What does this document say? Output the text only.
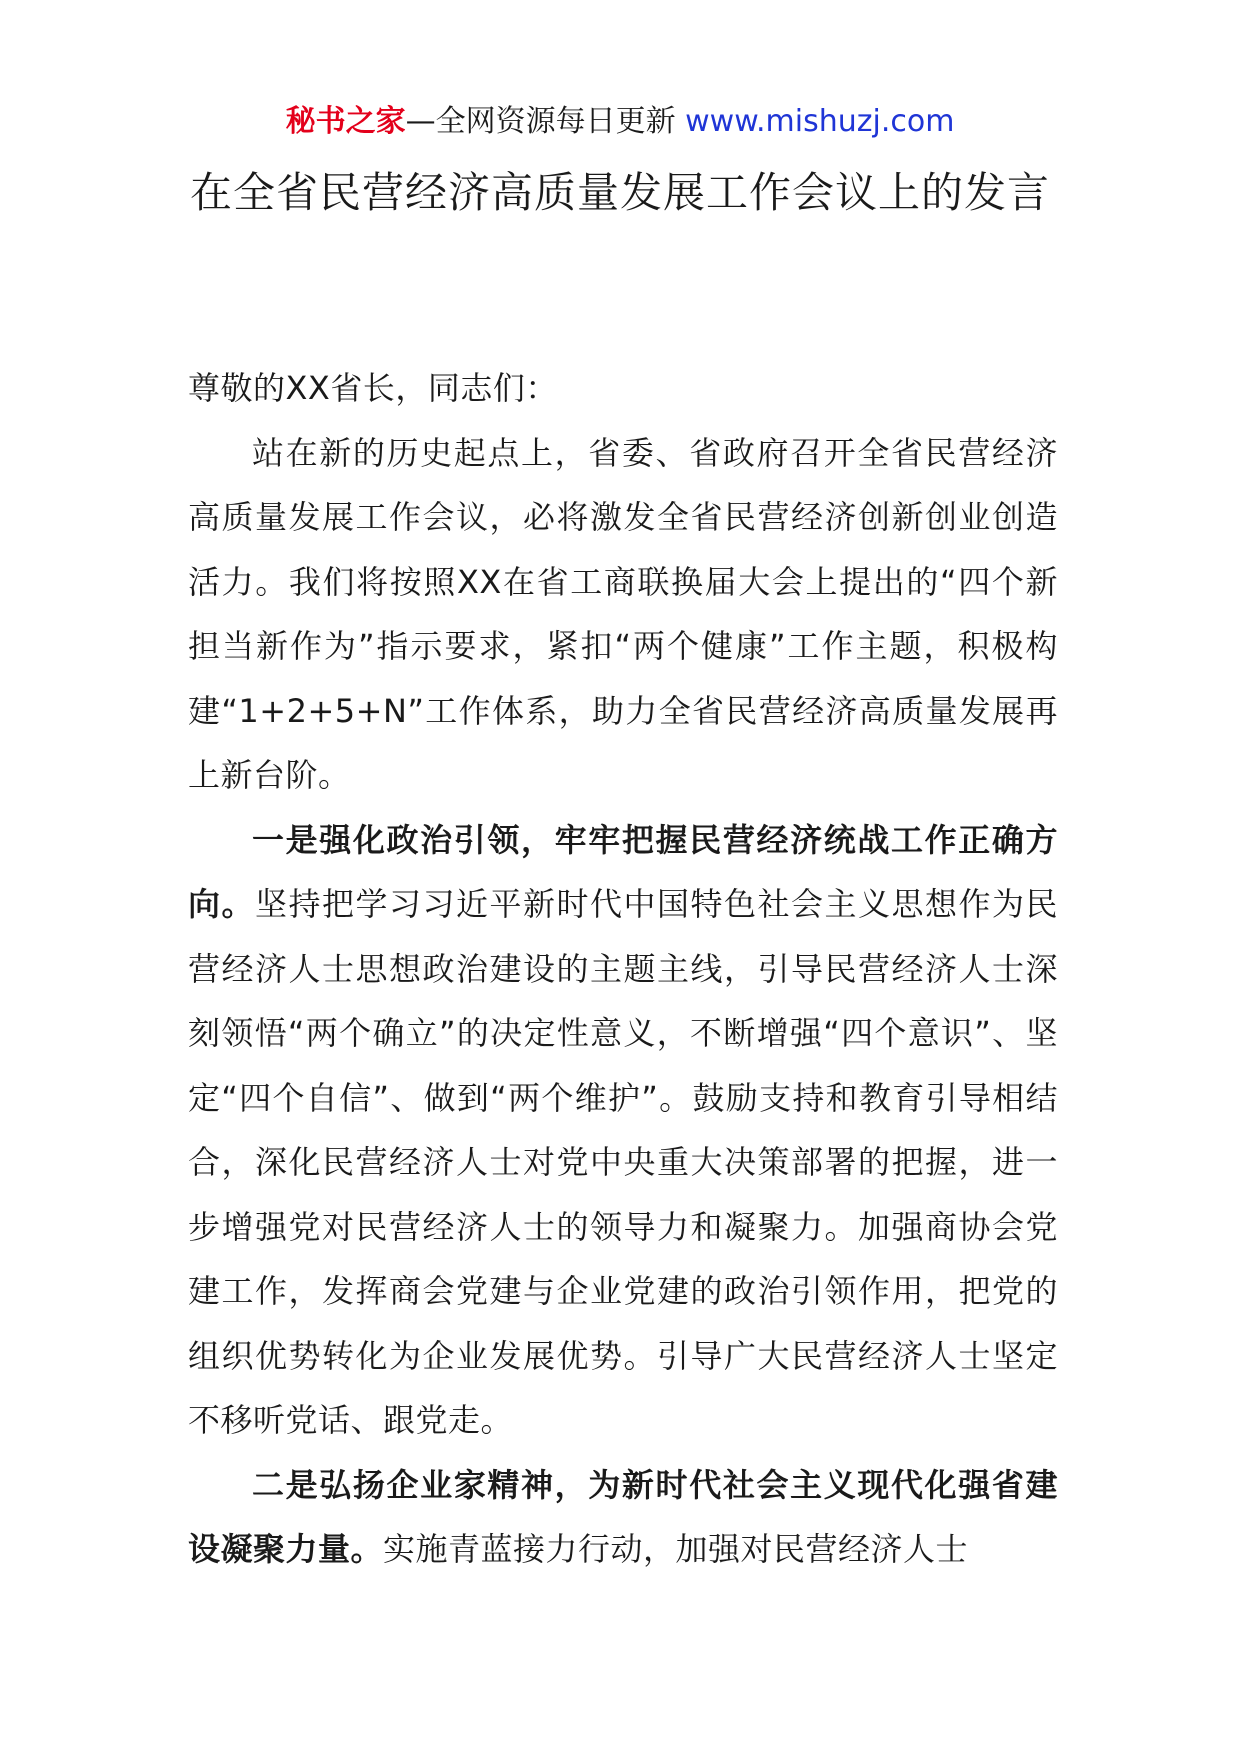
秘书之家—全网资源每日更新 www.mishuzj.com
在全省民营经济高质量发展工作会议上的发言

尊敬的XX省长，同志们：

站在新的历史起点上，省委、省政府召开全省民营经济高质量发展工作会议，必将激发全省民营经济创新创业创造活力。我们将按照XX在省工商联换届大会上提出的“四个新担当新作为”指示要求，紧扣“两个健康”工作主题，积极构建“1+2+5+N”工作体系，助力全省民营经济高质量发展再上新台阶。

一是强化政治引领，牢牢把握民营经济统战工作正确方向。坚持把学习习近平新时代中国特色社会主义思想作为民营经济人士思想政治建设的主题主线，引导民营经济人士深刻领悟“两个确立”的决定性意义，不断增强“四个意识”、坚定“四个自信”、做到“两个维护”。鼓励支持和教育引导相结合，深化民营经济人士对党中央重大决策部署的把握，进一步增强党对民营经济人士的领导力和凝聚力。加强商协会党建工作，发挥商会党建与企业党建的政治引领作用，把党的组织优势转化为企业发展优势。引导广大民营经济人士坚定不移听党话、跟党走。

二是弘扬企业家精神，为新时代社会主义现代化强省建设凝聚力量。实施青蓝接力行动，加强对民营经济人士
